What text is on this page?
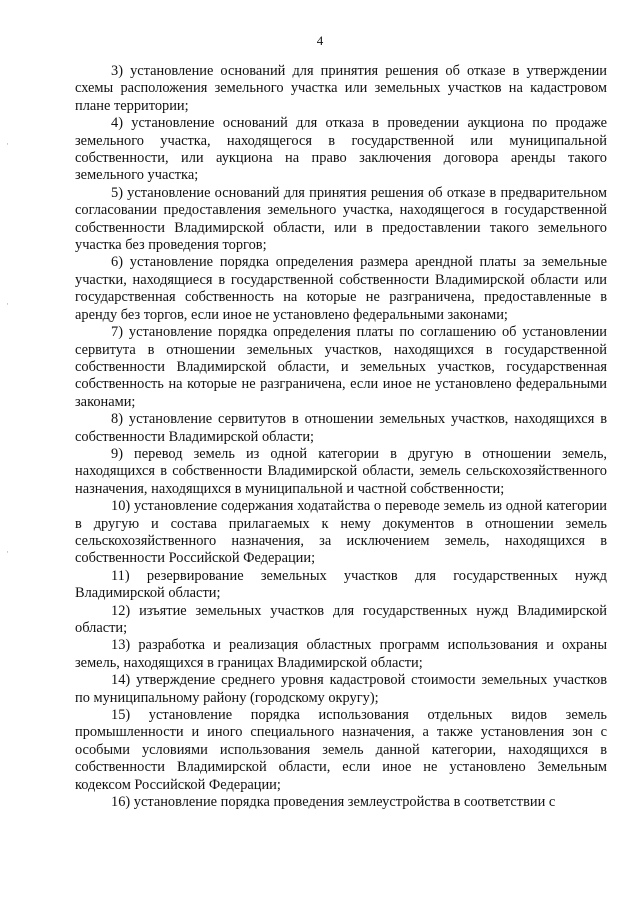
4
·
·
·

3) установление оснований для принятия решения об отказе в утверждении схемы расположения земельного участка или земельных участков на кадастровом плане территории;

4) установление оснований для отказа в проведении аукциона по продаже земельного участка, находящегося в государственной или муниципальной собственности, или аукциона на право заключения договора аренды такого земельного участка;

5) установление оснований для принятия решения об отказе в предварительном согласовании предоставления земельного участка, находящегося в государственной собственности Владимирской области, или в предоставлении такого земельного участка без проведения торгов;

6) установление порядка определения размера арендной платы за земельные участки, находящиеся в государственной собственности Владимирской области или государственная собственность на которые не разграничена, предоставленные в аренду без торгов, если иное не установлено федеральными законами;

7) установление порядка определения платы по соглашению об установлении сервитута в отношении земельных участков, находящихся в государственной собственности Владимирской области, и земельных участков, государственная собственность на которые не разграничена, если иное не установлено федеральными законами;

8) установление сервитутов в отношении земельных участков, находящихся в собственности Владимирской области;

9) перевод земель из одной категории в другую в отношении земель, находящихся в собственности Владимирской области, земель сельскохозяйственного назначения, находящихся в муниципальной и частной собственности;

10) установление содержания ходатайства о переводе земель из одной категории в другую и состава прилагаемых к нему документов в отношении земель сельскохозяйственного назначения, за исключением земель, находящихся в собственности Российской Федерации;

11) резервирование земельных участков для государственных нужд Владимирской области;

12) изъятие земельных участков для государственных нужд Владимирской области;

13) разработка и реализация областных программ использования и охраны земель, находящихся в границах Владимирской области;

14) утверждение среднего уровня кадастровой стоимости земельных участков по муниципальному району (городскому округу);

15) установление порядка использования отдельных видов земель промышленности и иного специального назначения, а также установления зон с особыми условиями использования земель данной категории, находящихся в собственности Владимирской области, если иное не установлено Земельным кодексом Российской Федерации;

16) установление порядка проведения землеустройства в соответствии с
